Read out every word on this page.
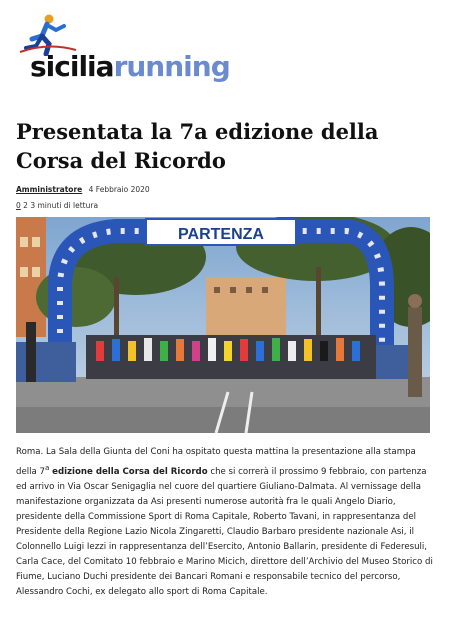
siciliarunning
Presentata la 7a edizione della Corsa del Ricordo
Amministratore 4 Febbraio 2020
0 2 3 minuti di lettura
PARTENZA

Roma. La Sala della Giunta del Coni ha ospitato questa mattina la presentazione alla stampa della 7$^a$ edizione della Corsa del Ricordo che si correrà il prossimo 9 febbraio, con partenza ed arrivo in Via Oscar Senigaglia nel cuore del quartiere Giuliano-Dalmata. Al vernissage della manifestazione organizzata da Asi presenti numerose autorità fra le quali Angelo Diario, presidente della Commissione Sport di Roma Capitale, Roberto Tavani, in rappresentanza del Presidente della Regione Lazio Nicola Zingaretti, Claudio Barbaro presidente nazionale Asi, il Colonnello Luigi Iezzi in rappresentanza dell’Esercito, Antonio Ballarin, presidente di Federesuli, Carla Cace, del Comitato 10 febbraio e Marino Micich, direttore dell’Archivio del Museo Storico di Fiume, Luciano Duchi presidente dei Bancari Romani e responsabile tecnico del percorso, Alessandro Cochi, ex delegato allo sport di Roma Capitale.
